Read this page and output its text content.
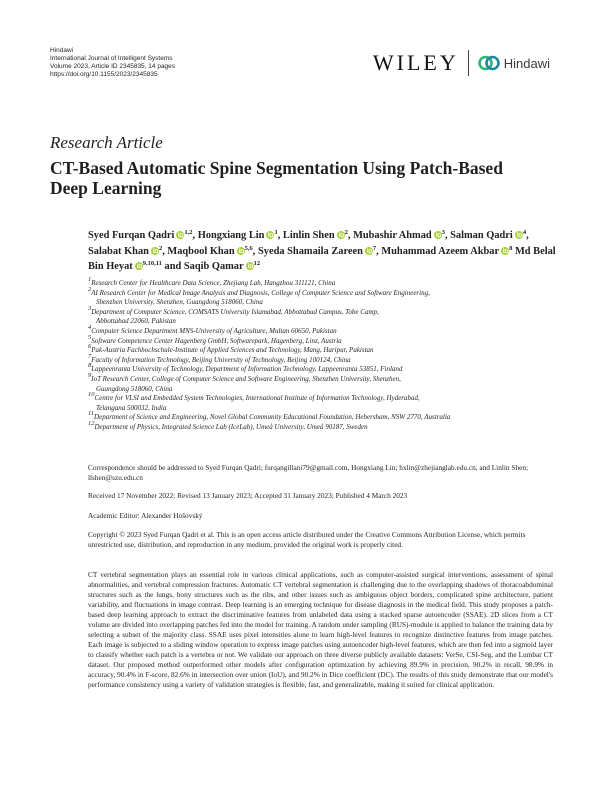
Hindawi
International Journal of Intelligent Systems
Volume 2023, Article ID 2345835, 14 pages
https://doi.org/10.1155/2023/2345835	WILEY	Hindawi
Research Article
CT-Based Automatic Spine Segmentation Using Patch-Based Deep Learning
Syed Furqan Qadri $^{1,2}$, Hongxiang Lin $^1$, Linlin Shen $^2$, Mubashir Ahmad $^3$, Salman Qadri $^4$, Salabat Khan $^2$, Maqbool Khan $^{5,6}$, Syeda Shamaila Zareen $^7$, Muhammad Azeem Akbar $^8$ Md Belal Bin Heyat $^{9,10,11}$ and Saqib Qamar $^{12}$
$^1$Research Center for Healthcare Data Science, Zhejiang Lab, Hangzhou 311121, China
$^2$AI Research Center for Medical Image Analysis and Diagnosis, College of Computer Science and Software Engineering,
Shenzhen University, Shenzhen, Guangdong 518060, China
$^3$Department of Computer Science, COMSATS University Islamabad, Abbottabad Campus, Tobe Camp,
Abbottabad 22060, Pakistan
$^4$Computer Science Department MNS-University of Agriculture, Multan 60650, Pakistan
$^5$Software Competence Center Hagenberg GmbH, Softwarepark, Hagenberg, Linz, Austria
$^6$Pak-Austria Fachhochschule-Institute of Applied Sciences and Technology, Mang, Haripur, Pakistan
$^7$Faculty of Information Technology, Beijing University of Technology, Beijing 100124, China
$^8$Lappeenranta University of Technology, Department of Information Technology, Lappeenranta 53851, Finland
$^9$IoT Research Center, College of Computer Science and Software Engineering, Shenzhen University, Shenzhen,
Guangdong 518060, China
$^{10}$Centre for VLSI and Embedded System Technologies, International Institute of Information Technology, Hyderabad,
Telangana 500032, India
$^{11}$Department of Science and Engineering, Novel Global Community Educational Foundation, Hebersham, NSW 2770, Australia
$^{12}$Department of Physics, Integrated Science Lab (IceLab), Umeå University, Umeå 90187, Sweden
Correspondence should be addressed to Syed Furqan Qadri; furqangillani79@gmail.com, Hongxiang Lin; hxlin@zhejianglab.edu.cn, and Linlin Shen; llshen@szu.edu.cn
Received 17 November 2022; Revised 13 January 2023; Accepted 31 January 2023; Published 4 March 2023
Academic Editor: Alexander Hošovský
Copyright © 2023 Syed Furqan Qadri et al. This is an open access article distributed under the Creative Commons Attribution License, which permits unrestricted use, distribution, and reproduction in any medium, provided the original work is properly cited.
CT vertebral segmentation plays an essential role in various clinical applications, such as computer-assisted surgical interventions, assessment of spinal abnormalities, and vertebral compression fractures. Automatic CT vertebral segmentation is challenging due to the overlapping shadows of thoracoabdominal structures such as the lungs, bony structures such as the ribs, and other issues such as ambiguous object borders, complicated spine architecture, patient variability, and fluctuations in image contrast. Deep learning is an emerging technique for disease diagnosis in the medical field. This study proposes a patch-based deep learning approach to extract the discriminative features from unlabeled data using a stacked sparse autoencoder (SSAE). 2D slices from a CT volume are divided into overlapping patches fed into the model for training. A random under sampling (RUS)-module is applied to balance the training data by selecting a subset of the majority class. SSAE uses pixel intensities alone to learn high-level features to recognize distinctive features from image patches. Each image is subjected to a sliding window operation to express image patches using autoencoder high-level features, which are then fed into a sigmoid layer to classify whether each patch is a vertebra or not. We validate our approach on three diverse publicly available datasets: VerSe, CSI-Seg, and the Lumbar CT dataset. Our proposed method outperformed other models after configuration optimization by achieving 89.9% in precision, 90.2% in recall, 98.9% in accuracy, 90.4% in F-score, 82.6% in intersection over union (IoU), and 90.2% in Dice coefficient (DC). The results of this study demonstrate that our model's performance consistency using a variety of validation strategies is flexible, fast, and generalizable, making it suited for clinical application.
